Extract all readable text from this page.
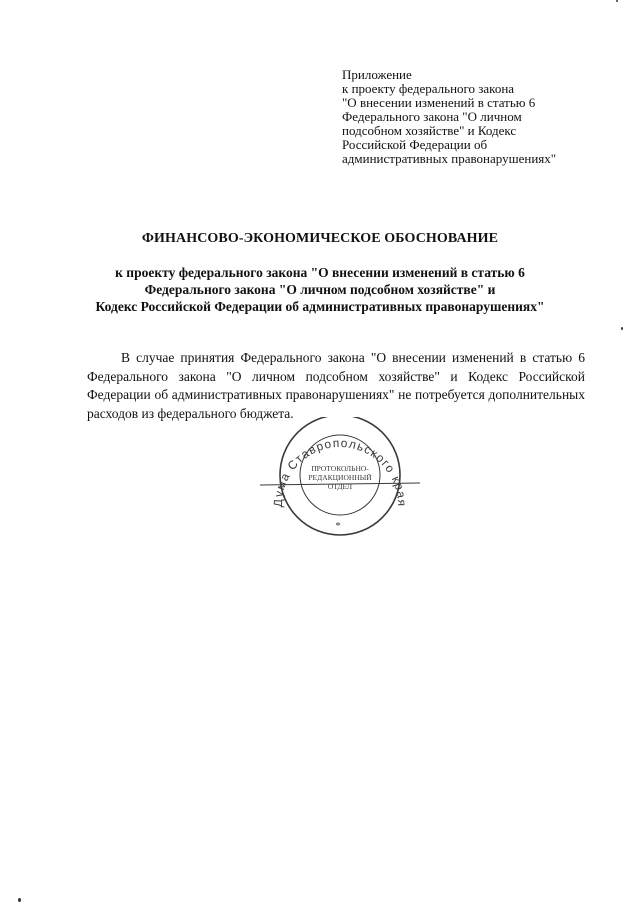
Приложение
к проекту федерального закона
"О внесении изменений в статью 6
Федерального закона "О личном
подсобном хозяйстве" и Кодекс
Российской Федерации об
административных правонарушениях"
ФИНАНСОВО-ЭКОНОМИЧЕСКОЕ ОБОСНОВАНИЕ
к проекту федерального закона "О внесении изменений в статью 6
Федерального закона "О личном подсобном хозяйстве" и
Кодекс Российской Федерации об административных правонарушениях"

В случае принятия Федерального закона "О внесении изменений в статью 6 Федерального закона "О личном подсобном хозяйстве" и Кодекс Российской Федерации об административных правонарушениях" не потребуется дополнительных расходов из федерального бюджета.

Дума Ставропольского края
ПРОТОКОЛЬНО-
РЕДАКЦИОННЫЙ
ОТДЕЛ
*
